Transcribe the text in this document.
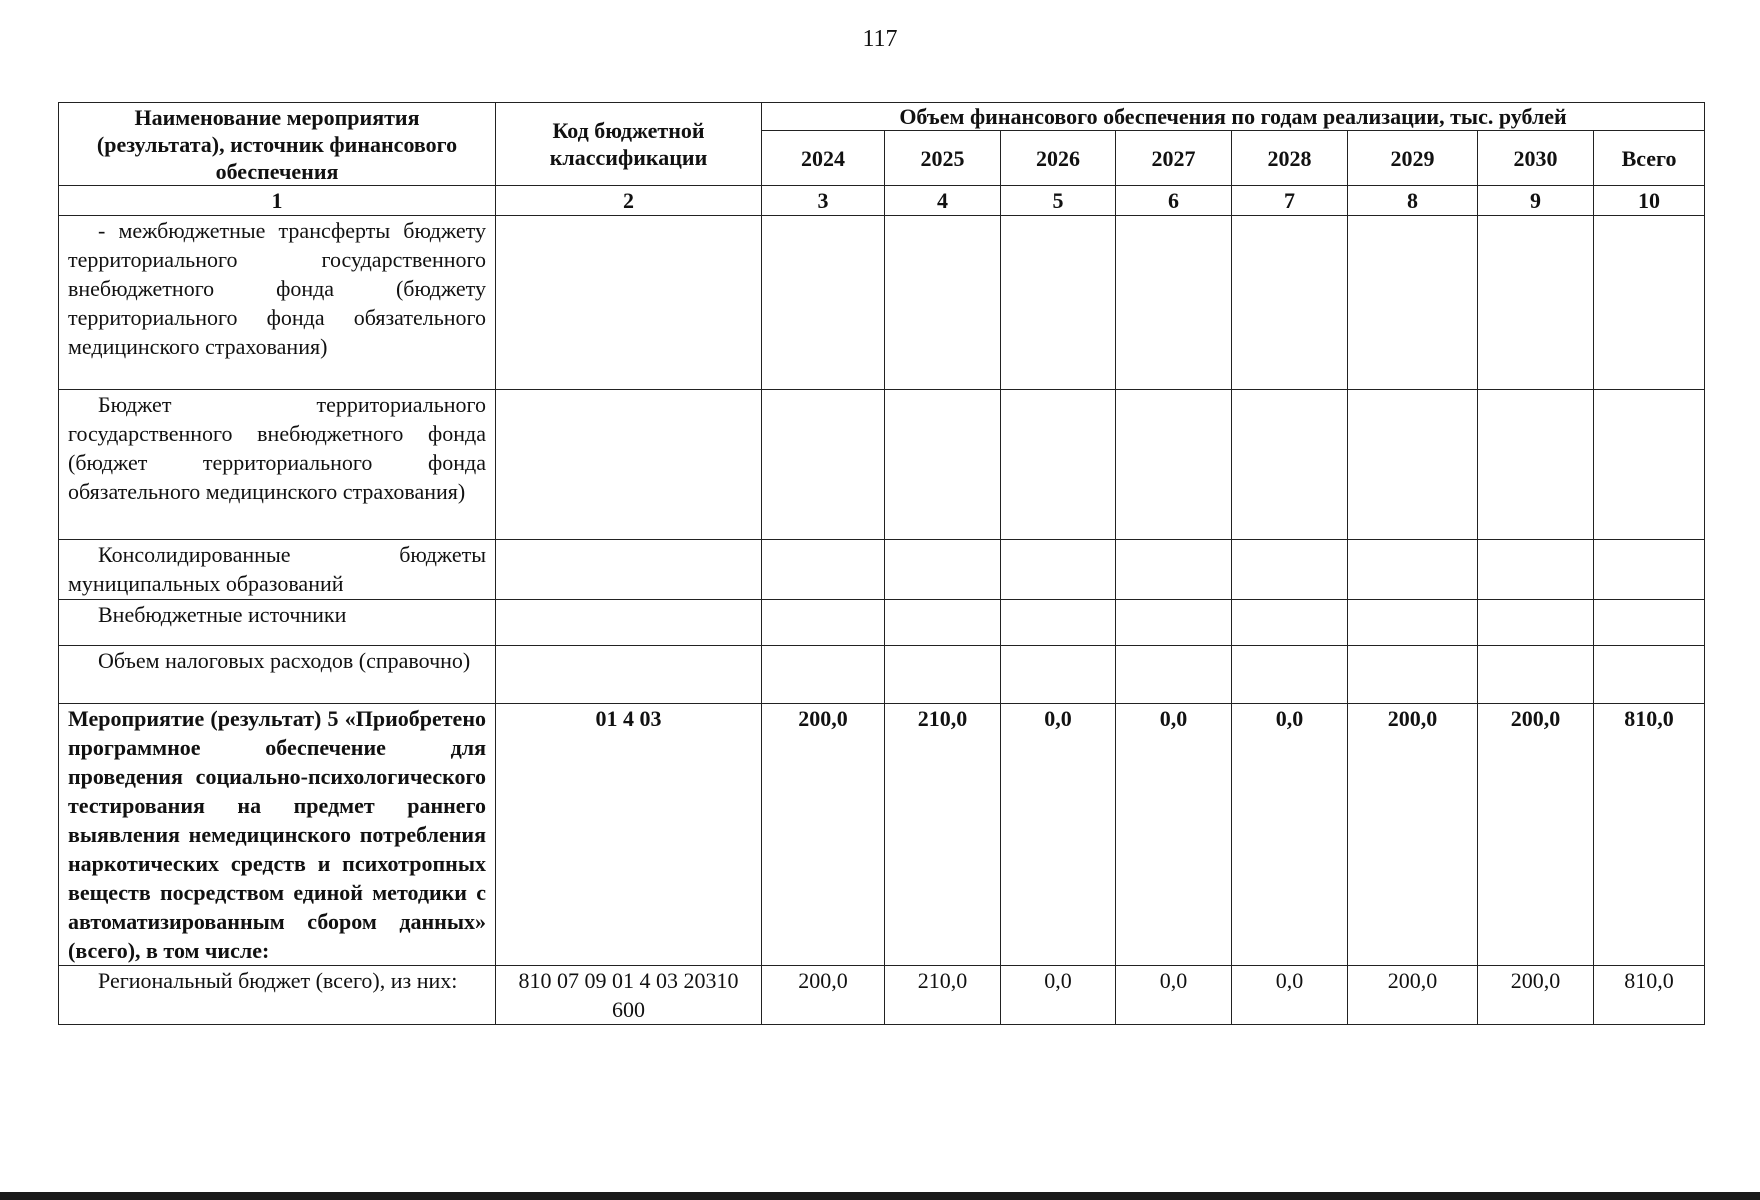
117
Наименование мероприятия (результата), источник финансового обеспечения	Код бюджетной классификации	Объем финансового обеспечения по годам реализации, тыс. рублей							
		2024	2025	2026	2027	2028	2029	2030	Всего
1	2	3	4	5	6	7	8	9	10
- межбюджетные трансферты бюджету территориального государственного внебюджетного фонда (бюджету территориального фонда обязательного медицинского страхования)									
Бюджет территориального государственного внебюджетного фонда (бюджет территориального фонда обязательного медицинского страхования)									
Консолидированные бюджеты муниципальных образований									
Внебюджетные источники									
Объем налоговых расходов (справочно)									
Мероприятие (результат) 5 «Приобретено программное обеспечение для проведения социально-психологического тестирования на предмет раннего выявления немедицинского потребления наркотических средств и психотропных веществ посредством единой методики с автоматизированным сбором данных» (всего), в том числе:	01 4 03	200,0	210,0	0,0	0,0	0,0	200,0	200,0	810,0
Региональный бюджет (всего), из них:	810 07 09 01 4 03 20310 600	200,0	210,0	0,0	0,0	0,0	200,0	200,0	810,0
